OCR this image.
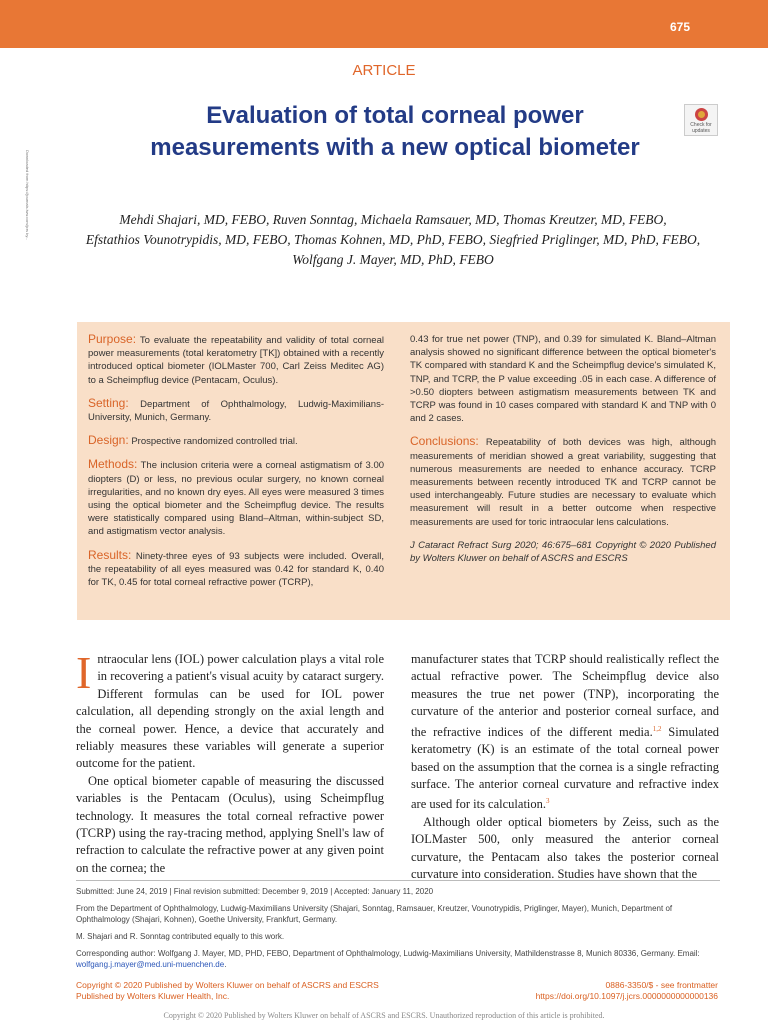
675
Downloaded from https://journals.lww.com/jcrs by...
ARTICLE
Evaluation of total corneal power measurements with a new optical biometer
Check for updates
Mehdi Shajari, MD, FEBO, Ruven Sonntag, Michaela Ramsauer, MD, Thomas Kreutzer, MD, FEBO,
Efstathios Vounotrypidis, MD, FEBO, Thomas Kohnen, MD, PhD, FEBO, Siegfried Priglinger, MD, PhD, FEBO,
Wolfgang J. Mayer, MD, PhD, FEBO

Purpose: To evaluate the repeatability and validity of total corneal power measurements (total keratometry [TK]) obtained with a recently introduced optical biometer (IOLMaster 700, Carl Zeiss Meditec AG) to a Scheimpflug device (Pentacam, Oculus).

Setting: Department of Ophthalmology, Ludwig-Maximilians-University, Munich, Germany.

Design: Prospective randomized controlled trial.

Methods: The inclusion criteria were a corneal astigmatism of 3.00 diopters (D) or less, no previous ocular surgery, no known corneal irregularities, and no known dry eyes. All eyes were measured 3 times using the optical biometer and the Scheimpflug device. The results were statistically compared using Bland–Altman, within-subject SD, and astigmatism vector analysis.

Results: Ninety-three eyes of 93 subjects were included. Overall, the repeatability of all eyes measured was 0.42 for standard K, 0.40 for TK, 0.45 for total corneal refractive power (TCRP),

0.43 for true net power (TNP), and 0.39 for simulated K. Bland–Altman analysis showed no significant difference between the optical biometer's TK compared with standard K and the Scheimpflug device's simulated K, TNP, and TCRP, the P value exceeding .05 in each case. A difference of >0.50 diopters between astigmatism measurements between TK and TCRP was found in 10 cases compared with standard K and TNP with 0 and 2 cases.

Conclusions: Repeatability of both devices was high, although measurements of meridian showed a great variability, suggesting that numerous measurements are needed to enhance accuracy. TCRP measurements between recently introduced TK and TCRP cannot be used interchangeably. Future studies are necessary to evaluate which measurement will result in a better outcome when respective measurements are used for toric intraocular lens calculations.

J Cataract Refract Surg 2020; 46:675–681 Copyright © 2020 Published by Wolters Kluwer on behalf of ASCRS and ESCRS

Intraocular lens (IOL) power calculation plays a vital role in recovering a patient's visual acuity by cataract surgery. Different formulas can be used for IOL power calculation, all depending strongly on the axial length and the corneal power. Hence, a device that accurately and reliably measures these variables will generate a superior outcome for the patient.

One optical biometer capable of measuring the discussed variables is the Pentacam (Oculus), using Scheimpflug technology. It measures the total corneal refractive power (TCRP) using the ray-tracing method, applying Snell's law of refraction to calculate the refractive power at any given point on the cornea; the

manufacturer states that TCRP should realistically reflect the actual refractive power. The Scheimpflug device also measures the true net power (TNP), incorporating the curvature of the anterior and posterior corneal surface, and the refractive indices of the different media.$^{1,2}$ Simulated keratometry (K) is an estimate of the total corneal power based on the assumption that the cornea is a single refracting surface. The anterior corneal curvature and refractive index are used for its calculation.$^3$

Although older optical biometers by Zeiss, such as the IOLMaster 500, only measured the anterior corneal curvature, the Pentacam also takes the posterior corneal curvature into consideration. Studies have shown that the

Submitted: June 24, 2019 | Final revision submitted: December 9, 2019 | Accepted: January 11, 2020

From the Department of Ophthalmology, Ludwig-Maximilians University (Shajari, Sonntag, Ramsauer, Kreutzer, Vounotrypidis, Priglinger, Mayer), Munich, Department of Ophthalmology (Shajari, Kohnen), Goethe University, Frankfurt, Germany.

M. Shajari and R. Sonntag contributed equally to this work.

Corresponding author: Wolfgang J. Mayer, MD, PHD, FEBO, Department of Ophthalmology, Ludwig-Maximilians University, Mathildenstrasse 8, Munich 80336, Germany. Email: wolfgang.j.mayer@med.uni-muenchen.de.

Copyright © 2020 Published by Wolters Kluwer on behalf of ASCRS and ESCRS
Published by Wolters Kluwer Health, Inc.
0886-3350/$ - see frontmatter
https://doi.org/10.1097/j.jcrs.0000000000000136
Copyright © 2020 Published by Wolters Kluwer on behalf of ASCRS and ESCRS. Unauthorized reproduction of this article is prohibited.
